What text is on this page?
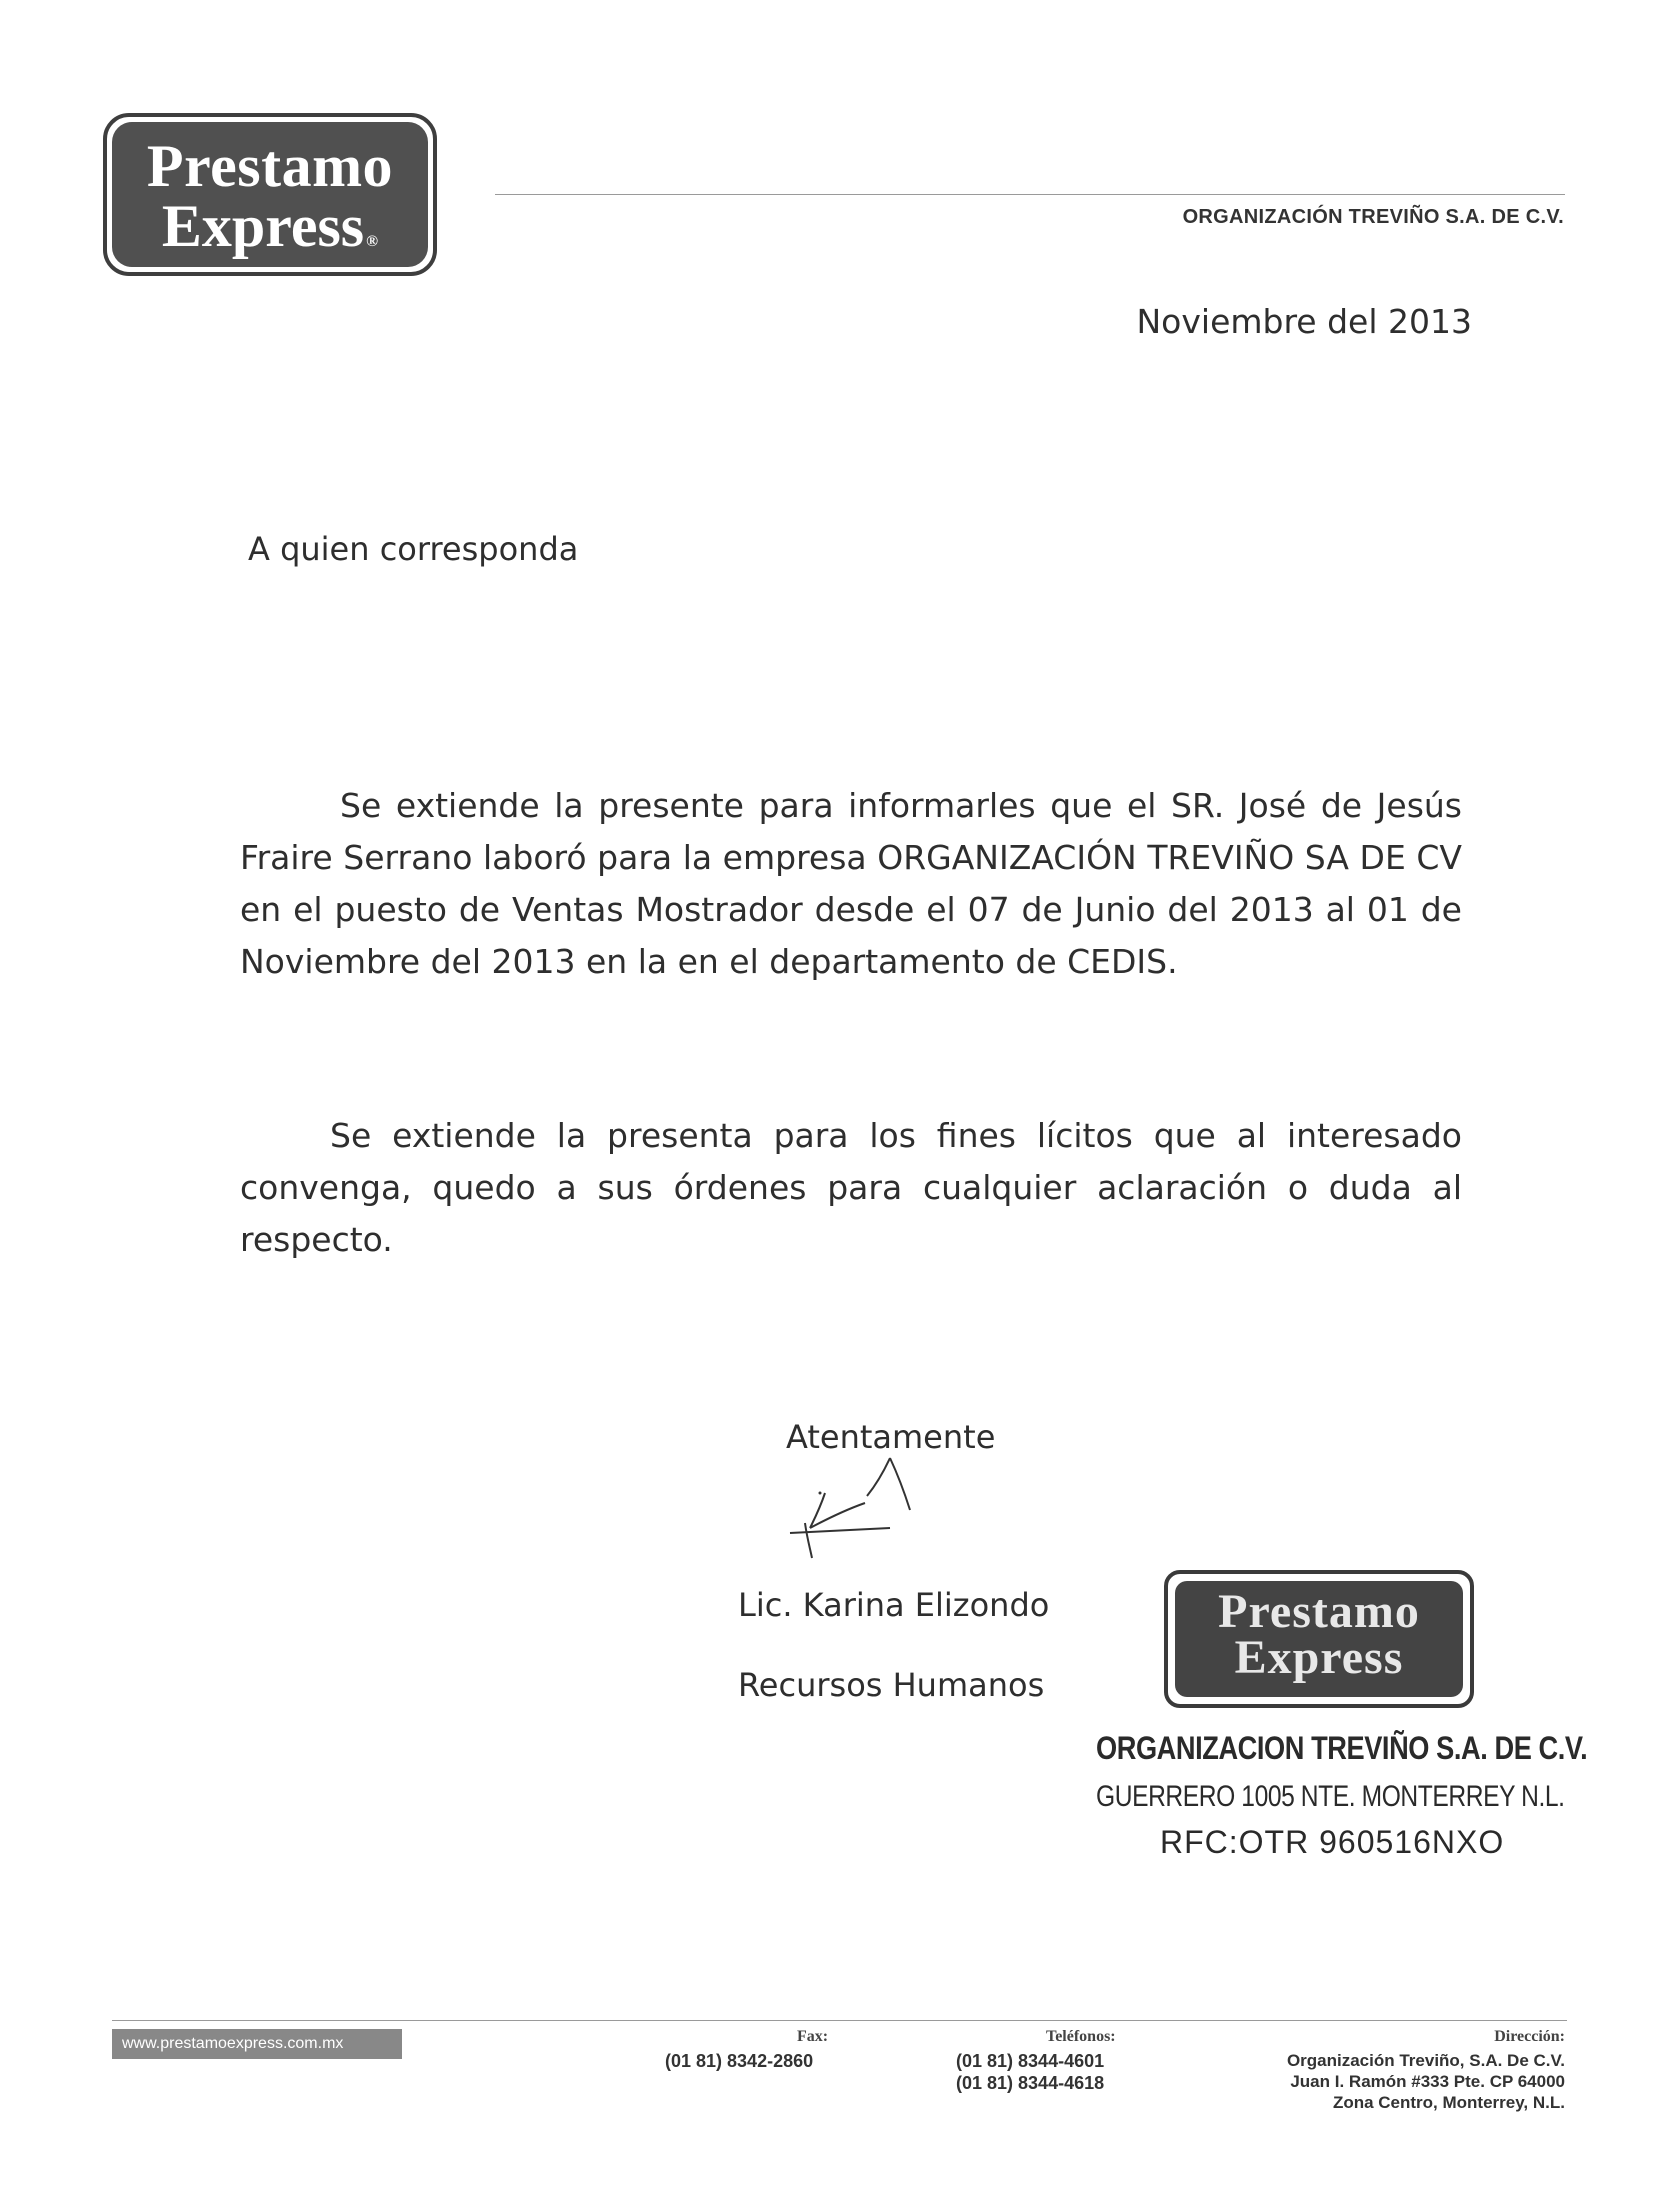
Prestamo
Express ®
ORGANIZACIÓN TREVIÑO S.A. DE C.V.
Noviembre del 2013
A quien corresponda
Se extiende la presente para informarles que el SR. José de Jesús Fraire Serrano laboró para la empresa ORGANIZACIÓN TREVIÑO SA DE CV en el puesto de Ventas Mostrador desde el 07 de Junio del 2013 al 01 de Noviembre del 2013 en la en el departamento de CEDIS.
Se extiende la presenta para los fines lícitos que al interesado convenga, quedo a sus órdenes para cualquier aclaración o duda al respecto.
Atentamente
Lic. Karina Elizondo
Recursos Humanos
Prestamo
Express
ORGANIZACION TREVIÑO S.A. DE C.V.
GUERRERO 1005 NTE. MONTERREY N.L.
RFC:OTR 960516NXO
www.prestamoexpress.com.mx	Fax:
(01 81) 8342-2860
Teléfonos:
(01 81) 8344-4601
(01 81) 8344-4618
Dirección:
Organización Treviño, S.A. De C.V.
Juan I. Ramón #333 Pte. CP 64000
Zona Centro, Monterrey, N.L.
